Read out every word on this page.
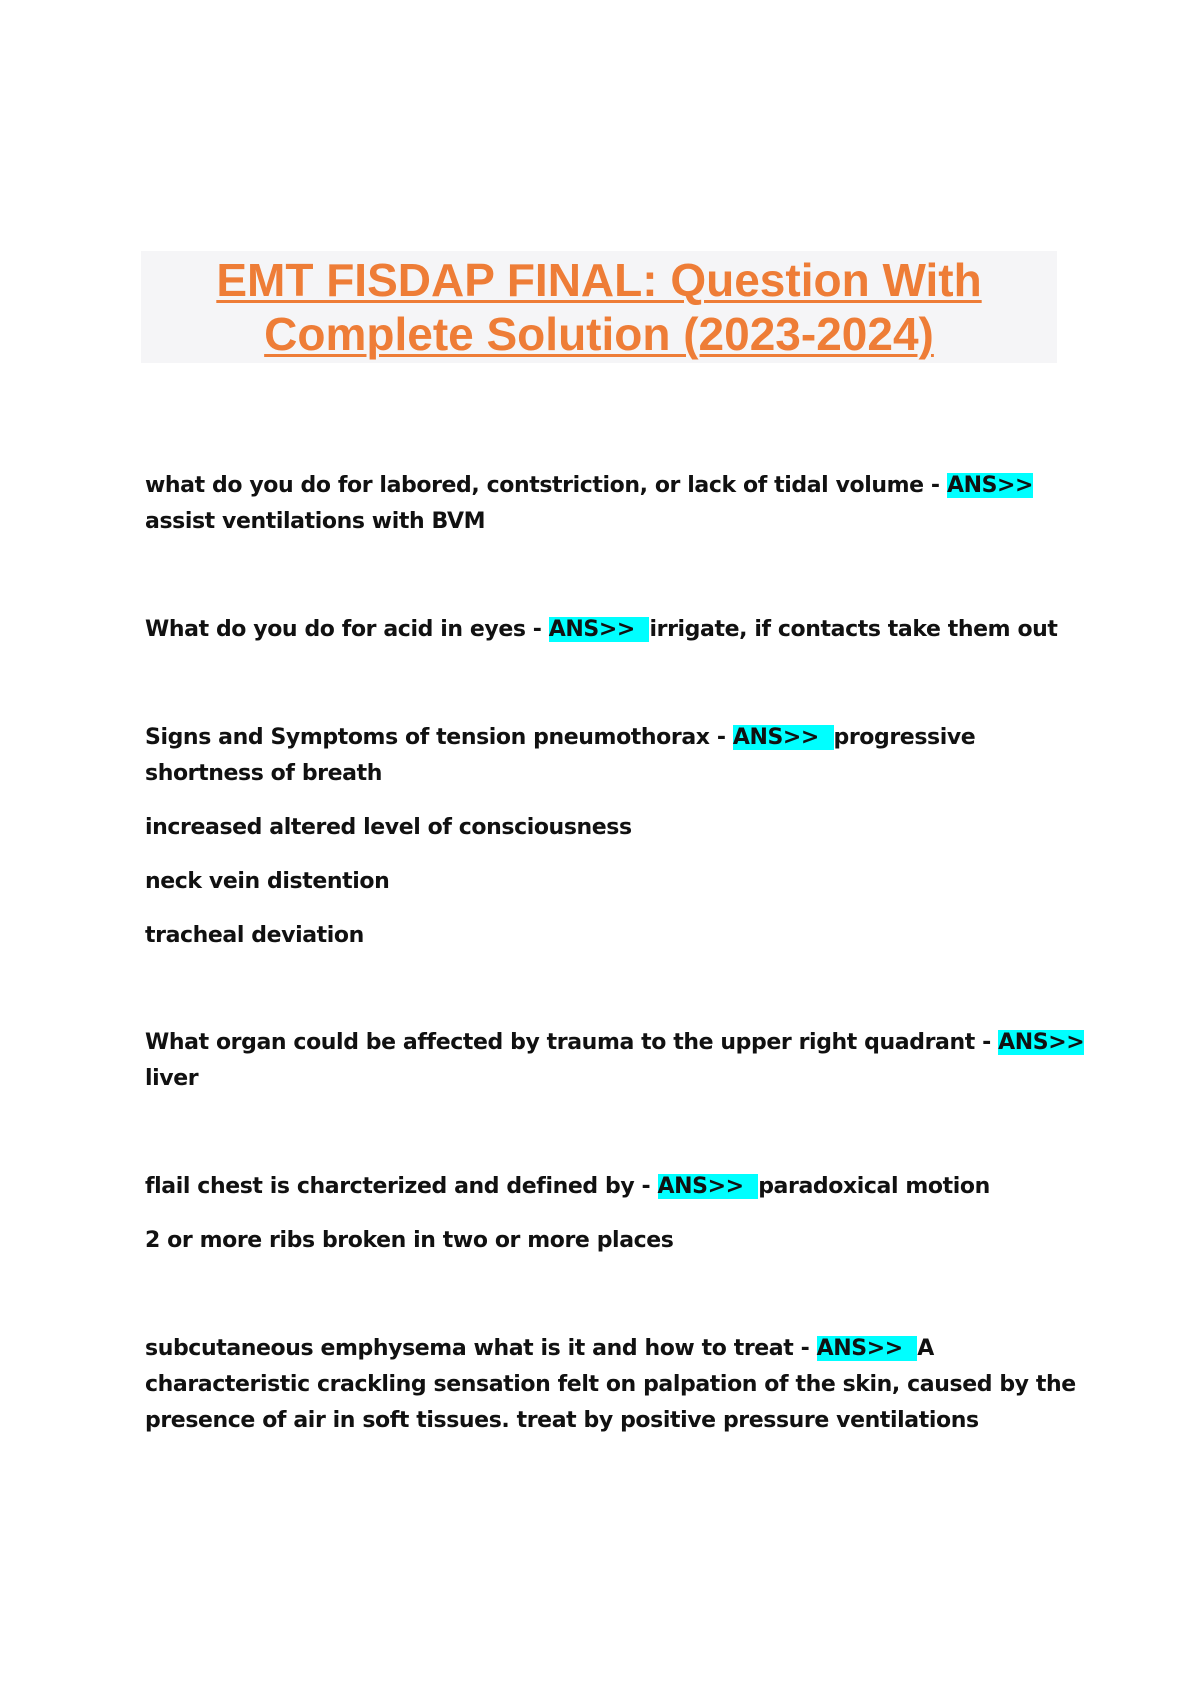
EMT FISDAP FINAL: Question With
Complete Solution (2023-2024)
what do you do for labored, contstriction, or lack of tidal volume - ANS>>
assist ventilations with BVM
What do you do for acid in eyes - ANS>> irrigate, if contacts take them out
Signs and Symptoms of tension pneumothorax - ANS>> progressive
shortness of breath
increased altered level of consciousness
neck vein distention
tracheal deviation
What organ could be affected by trauma to the upper right quadrant - ANS>>
liver
flail chest is charcterized and defined by - ANS>> paradoxical motion
2 or more ribs broken in two or more places
subcutaneous emphysema what is it and how to treat - ANS>> A
characteristic crackling sensation felt on palpation of the skin, caused by the
presence of air in soft tissues. treat by positive pressure ventilations
